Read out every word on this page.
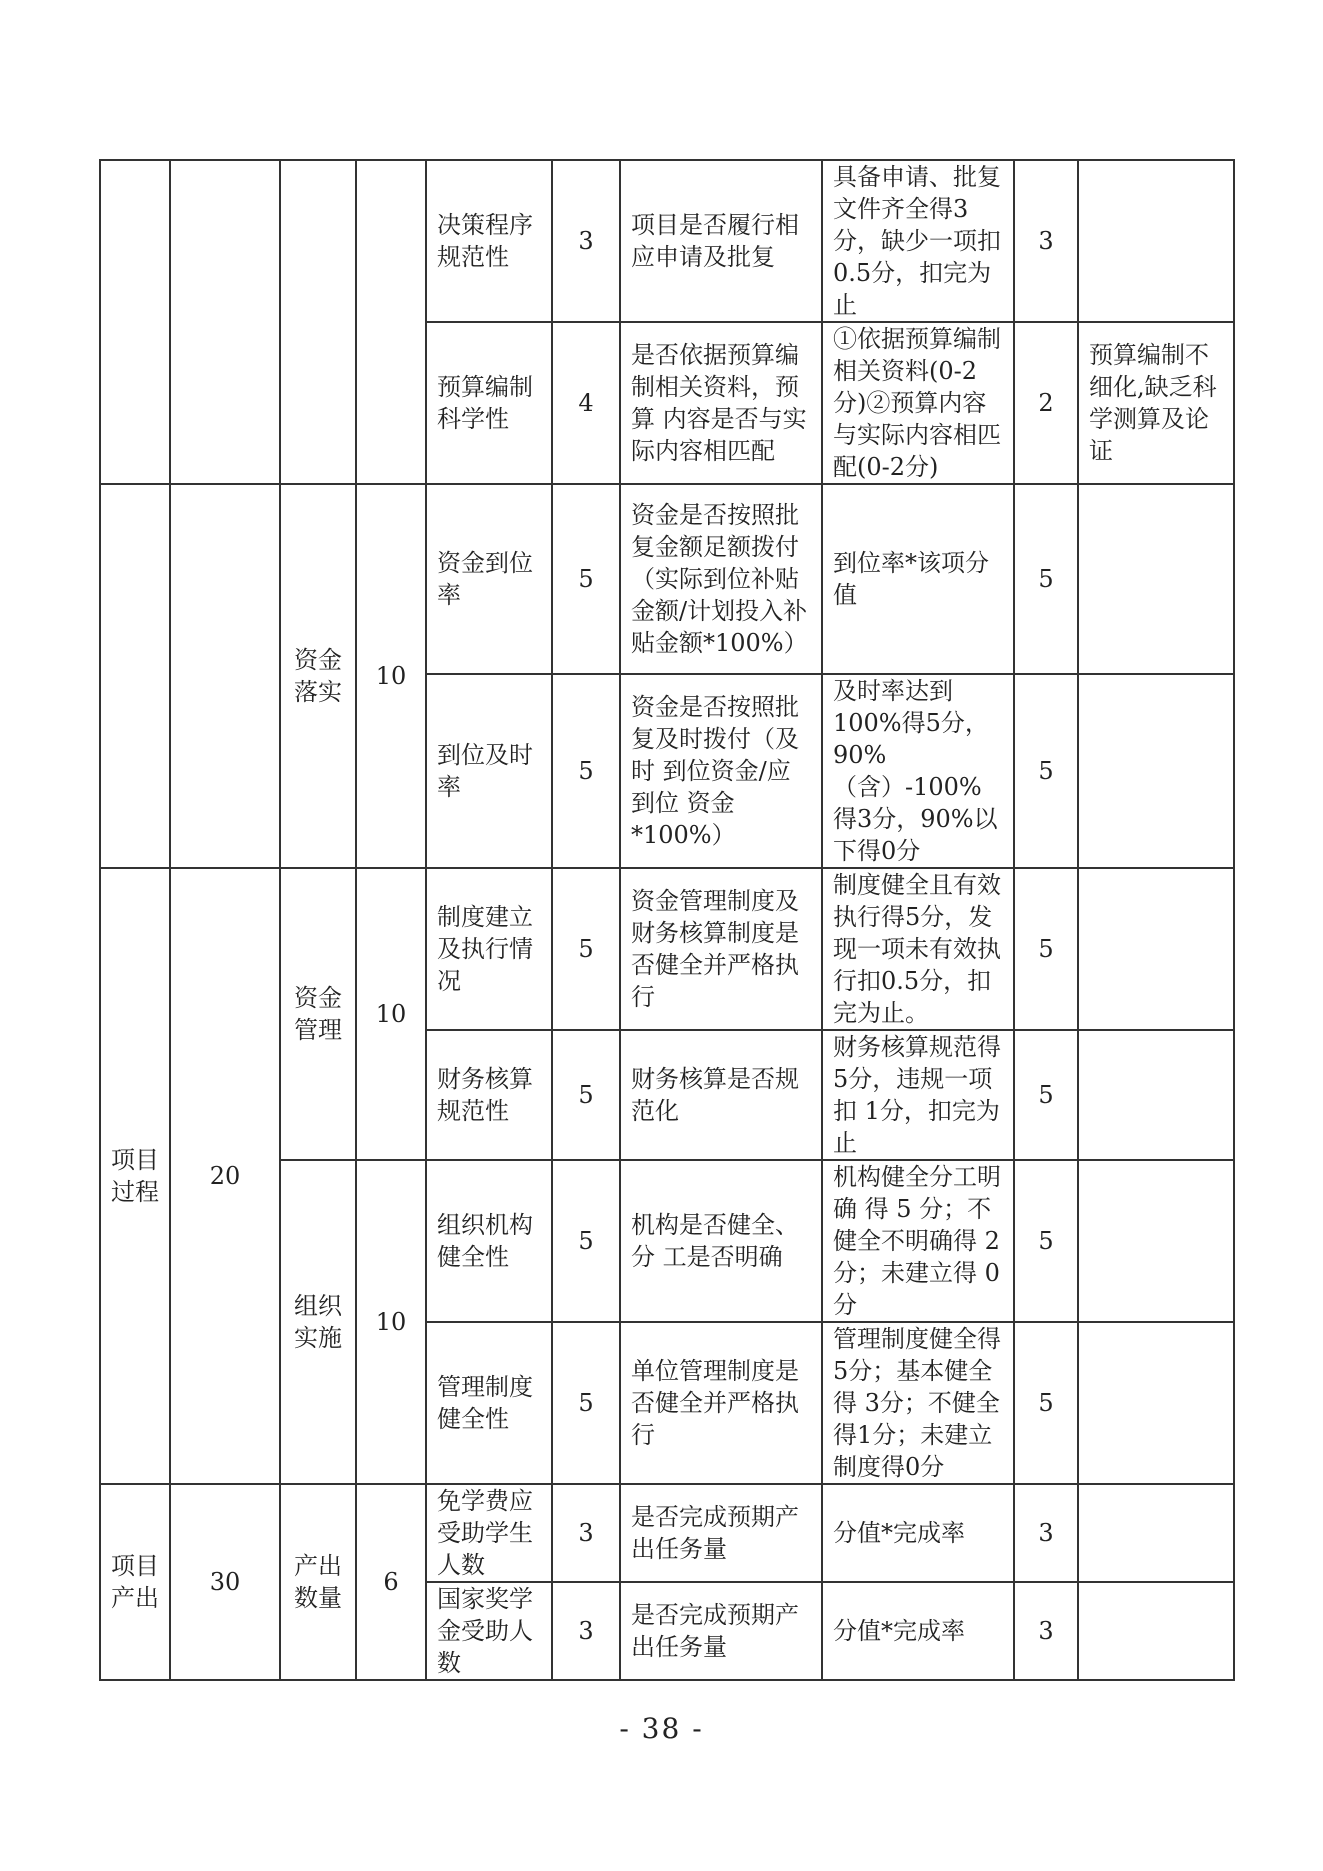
				决策程序规范性	3	项目是否履行相应申请及批复	具备申请、批复文件齐全得3分，缺少一项扣0.5分，扣完为止	3	
				预算编制科学性	4	是否依据预算编制相关资料，预算 内容是否与实际内容相匹配	①依据预算编制相关资料(0-2分)②预算内容与实际内容相匹配(0-2分)	2	预算编制不细化,缺乏科学测算及论证
		资金落实	10	资金到位率	5	资金是否按照批复金额足额拨付（实际到位补贴金额/计划投入补 贴金额*100%）	到位率*该项分值	5	
				到位及时率	5	资金是否按照批复及时拨付（及时 到位资金/应到位 资金*100%）	及时率达到100%得5分，90%（含）-100%得3分，90%以下得0分	5	
项目过程	20	资金管理	10	制度建立及执行情况	5	资金管理制度及财务核算制度是否健全并严格执行	制度健全且有效执行得5分，发现一项未有效执行扣0.5分，扣完为止。	5	
				财务核算规范性	5	财务核算是否规范化	财务核算规范得 5分，违规一项扣 1分，扣完为止	5	
		组织实施	10	组织机构健全性	5	机构是否健全、分 工是否明确	机构健全分工明确 得 5 分；不健全不明确得 2 分；未建立得 0 分	5	
				管理制度健全性	5	单位管理制度是否健全并严格执行	管理制度健全得5分；基本健全得 3分；不健全得1分；未建立制度得0分	5	
项目产出	30	产出数量	6	免学费应受助学生人数	3	是否完成预期产出任务量	分值*完成率	3	
				国家奖学金受助人数	3	是否完成预期产出任务量	分值*完成率	3	
- 38 -
